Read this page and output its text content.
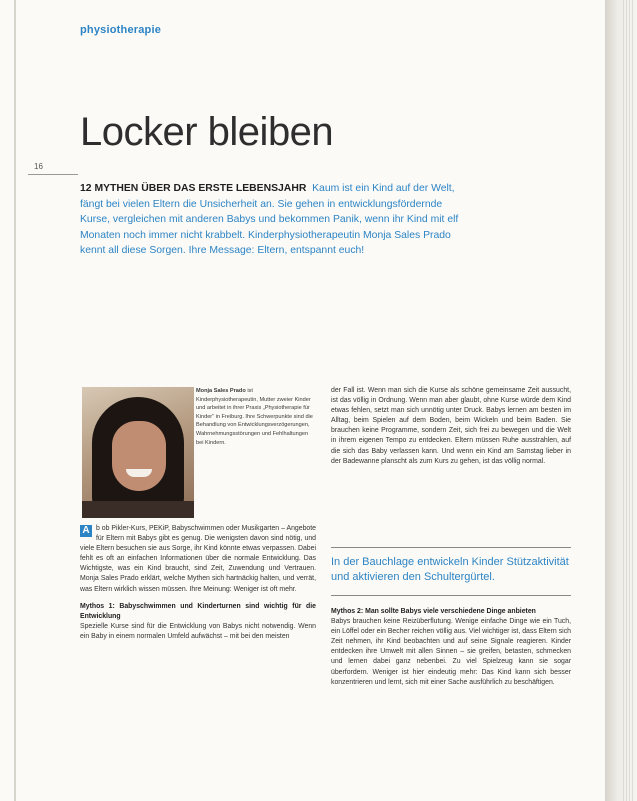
physiotherapie
Locker bleiben
16
12 MYTHEN ÜBER DAS ERSTE LEBENSJAHR Kaum ist ein Kind auf der Welt, fängt bei vielen Eltern die Unsicherheit an. Sie gehen in entwicklungsfördernde Kurse, vergleichen mit anderen Babys und bekommen Panik, wenn ihr Kind mit elf Monaten noch immer nicht krabbelt. Kinderphysiotherapeutin Monja Sales Prado kennt all diese Sorgen. Ihre Message: Eltern, entspannt euch!
Monja Sales Prado ist Kinderphysiotherapeutin, Mutter zweier Kinder und arbeitet in ihrer Praxis „Physiotherapie für Kinder“ in Freiburg. Ihre Schwerpunkte sind die Behandlung von Entwicklungsverzögerungen, Wahrnehmungsstörungen und Fehlhaltungen bei Kindern.
A b ob Pikler-Kurs, PEKiP, Babyschwimmen oder Musikgarten – Angebote für Eltern mit Babys gibt es genug. Die wenigsten davon sind nötig, und viele Eltern besuchen sie aus Sorge, ihr Kind könnte etwas verpassen. Dabei fehlt es oft an einfachen Informationen über die normale Entwicklung. Das Wichtigste, was ein Kind braucht, sind Zeit, Zuwendung und Vertrauen. Monja Sales Prado erklärt, welche Mythen sich hartnäckig halten, und verrät, was Eltern wirklich wissen müssen. Ihre Meinung: Weniger ist oft mehr.
Mythos 1: Babyschwimmen und Kinderturnen sind wichtig für die Entwicklung
Spezielle Kurse sind für die Entwicklung von Babys nicht notwendig. Wenn ein Baby in einem normalen Umfeld aufwächst – mit bei den meisten
der Fall ist. Wenn man sich die Kurse als schöne gemeinsame Zeit aussucht, ist das völlig in Ordnung. Wenn man aber glaubt, ohne Kurse würde dem Kind etwas fehlen, setzt man sich unnötig unter Druck. Babys lernen am besten im Alltag, beim Spielen auf dem Boden, beim Wickeln und beim Baden. Sie brauchen keine Programme, sondern Zeit, sich frei zu bewegen und die Welt in ihrem eigenen Tempo zu entdecken. Eltern müssen Ruhe ausstrahlen, auf die sich das Baby verlassen kann. Und wenn ein Kind am Samstag lieber in der Badewanne planscht als zum Kurs zu gehen, ist das völlig normal.
In der Bauchlage entwickeln Kinder Stützaktivität und aktivieren den Schultergürtel.
Mythos 2: Man sollte Babys viele verschiedene Dinge anbieten
Babys brauchen keine Reizüberflutung. Wenige einfache Dinge wie ein Tuch, ein Löffel oder ein Becher reichen völlig aus. Viel wichtiger ist, dass Eltern sich Zeit nehmen, ihr Kind beobachten und auf seine Signale reagieren. Kinder entdecken ihre Umwelt mit allen Sinnen – sie greifen, betasten, schmecken und lernen dabei ganz nebenbei. Zu viel Spielzeug kann sie sogar überfordern. Weniger ist hier eindeutig mehr: Das Kind kann sich besser konzentrieren und lernt, sich mit einer Sache ausführlich zu beschäftigen.
